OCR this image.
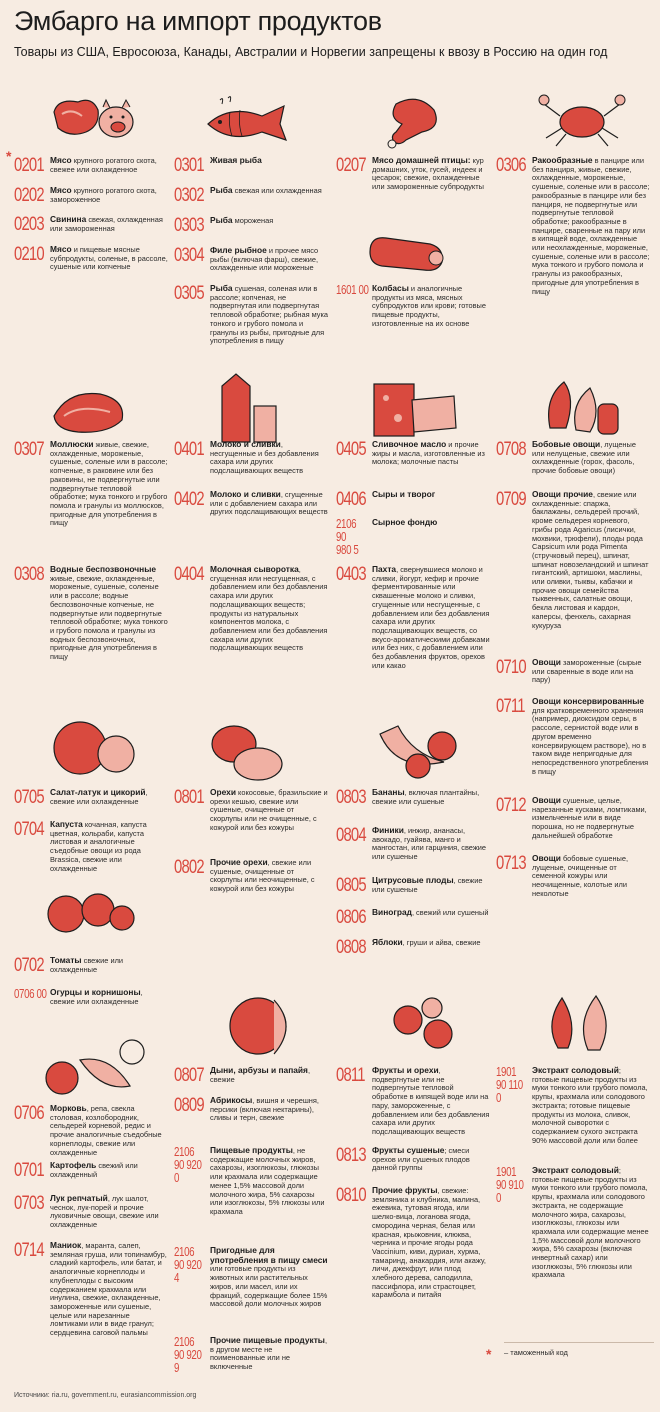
Эмбарго на импорт продуктов
Товары из США, Евросоюза, Канады, Австралии и Норвегии запрещены к ввозу в Россию на один год
* 0201 Мясо крупного рогатого скота, свежее или охлажденное
0202 Мясо крупного рогатого скота, замороженное
0203 Свинина свежая, охлажденная или замороженная
0210 Мясо и пищевые мясные субпродукты, соленые, в рассоле, сушеные или копченые
0307 Моллюски живые, свежие, охлажденные, мороженые, сушеные, соленые или в рассоле; копченые, в раковине или без раковины, не подвергнутые или подвергнутые тепловой обработке; мука тонкого и грубого помола и гранулы из моллюсков, пригодные для употребления в пищу
0308 Водные беспозвоночные живые, свежие, охлажденные, мороженые, сушеные, соленые или в рассоле; водные беспозвоночные копченые, не подвергнутые или подвергнутые тепловой обработке; мука тонкого и грубого помола и гранулы из водных беспозвоночных, пригодные для употребления в пищу
0705 Салат-латук и цикорий, свежие или охлажденные
0704 Капуста кочанная, капуста цветная, кольраби, капуста листовая и аналогичные съедобные овощи из рода Brassica, свежие или охлажденные
0702 Томаты свежие или охлажденные
0706 00 Огурцы и корнишоны, свежие или охлажденные
0706 Морковь, репа, свекла столовая, козлобородник, сельдерей корневой, редис и прочие аналогичные съедобные корнеплоды, свежие или охлажденные
0701 Картофель свежий или охлажденный
0703 Лук репчатый, лук шалот, чеснок, лук-порей и прочие луковичные овощи, свежие или охлажденные
0714 Маниок, маранта, салеп, земляная груша, или топинамбур, сладкий картофель, или батат, и аналогичные корнеплоды и клубнеплоды с высоким содержанием крахмала или инулина, свежие, охлажденные, замороженные или сушеные, целые или нарезанные ломтиками или в виде гранул; сердцевина саговой пальмы
0301 Живая рыба
0302 Рыба свежая или охлажденная
0303 Рыба мороженая
0304 Филе рыбное и прочее мясо рыбы (включая фарш), свежие, охлажденные или мороженые
0305 Рыба сушеная, соленая или в рассоле; копченая, не подвергнутая или подвергнутая тепловой обработке; рыбная мука тонкого и грубого помола и гранулы из рыбы, пригодные для употребления в пищу
0401 Молоко и сливки, несгущенные и без добавления сахара или других подслащивающих веществ
0402 Молоко и сливки, сгущенные или с добавлением сахара или других подслащивающих веществ
0404 Молочная сыворотка, сгущенная или несгущенная, с добавлением или без добавления сахара или других подслащивающих веществ; продукты из натуральных компонентов молока, с добавлением или без добавления сахара или других подслащивающих веществ
0801 Орехи кокосовые, бразильские и орехи кешью, свежие или сушеные, очищенные от скорлупы или не очищенные, с кожурой или без кожуры
0802 Прочие орехи, свежие или сушеные, очищенные от скорлупы или неочищенные, с кожурой или без кожуры
0807 Дыни, арбузы и папайя, свежие
0809 Абрикосы, вишня и черешня, персики (включая нектарины), сливы и терн, свежие
2106 90 920 0
Пищевые продукты, не содержащие молочных жиров, сахарозы, изоглюкозы, глюкозы или крахмала или содержащие менее 1,5% массовой доли молочного жира, 5% сахарозы или изоглюкозы, 5% глюкозы или крахмала
2106 90 920 4
Пригодные для употребления в пищу смеси или готовые продукты из животных или растительных жиров, или масел, или их фракций, содержащие более 15% массовой доли молочных жиров
2106 90 920 9
Прочие пищевые продукты, в другом месте не поименованные или не включенные
0207 Мясо домашней птицы: кур домашних, уток, гусей, индеек и цесарок; свежие, охлажденные или замороженные субпродукты
1601 00 Колбасы и аналогичные продукты из мяса, мясных субпродуктов или крови; готовые пищевые продукты, изготовленные на их основе
0405 Сливочное масло и прочие жиры и масла, изготовленные из молока; молочные пасты
0406 Сыры и творог
2106 90 980 5
Сырное фондю
0403 Пахта, свернувшиеся молоко и сливки, йогурт, кефир и прочие ферментированные или сквашенные молоко и сливки, сгущенные или несгущенные, с добавлением или без добавления сахара или других подслащивающих веществ, со вкусо-ароматическими добавками или без них, с добавлением или без добавления фруктов, орехов или какао
0803 Бананы, включая плантайны, свежие или сушеные
0804 Финики, инжир, ананасы, авокадо, гуайява, манго и мангостан, или гарциния, свежие или сушеные
0805 Цитрусовые плоды, свежие или сушеные
0806 Виноград, свежий или сушеный
0808 Яблоки, груши и айва, свежие
0811 Фрукты и орехи, подвергнутые или не подвергнутые тепловой обработке в кипящей воде или на пару, замороженные, с добавлением или без добавления сахара или других подслащивающих веществ
0813 Фрукты сушеные; смеси орехов или сушеных плодов данной группы
0810 Прочие фрукты, свежие: земляника и клубника, малина, ежевика, тутовая ягода, или шелко-вица, логанова ягода, смородина черная, белая или красная, крыжовник, клюква, черника и прочие ягоды рода Vaccinium, киви, дуриан, хурма, тамаринд, анакардия, или акажу, личи, джекфрут, или плод хлебного дерева, саподилла, пассифлора, или страстоцвет, карамбола и питайя
0306 Ракообразные в панцире или без панциря, живые, свежие, охлажденные, мороженые, сушеные, соленые или в рассоле; ракообразные в панцире или без панциря, не подвергнутые или подвергнутые тепловой обработке; ракообразные в панцире, сваренные на пару или в кипящей воде, охлажденные или неохлажденные, мороженые, сушеные, соленые или в рассоле; мука тонкого и грубого помола и гранулы из ракообразных, пригодные для употребления в пищу
0708 Бобовые овощи, лущеные или нелущеные, свежие или охлажденные (горох, фасоль, прочие бобовые овощи)
0709 Овощи прочие, свежие или охлажденные: спаржа, баклажаны, сельдерей прочий, кроме сельдерея корневого, грибы рода Agaricus (лисички, мохвики, трюфели), плоды рода Capsicum или рода Pimenta (стручковый перец), шпинат, шпинат новозеландский и шпинат гигантский, артишоки, маслины, или оливки, тыквы, кабачки и прочие овощи семейства тыквенных, салатные овощи, бекла листовая и кардон, каперсы, фенхель, сахарная кукуруза
0710 Овощи замороженные (сырые или сваренные в воде или на пару)
0711 Овощи консервированные для кратковременного хранения (например, диоксидом серы, в рассоле, сернистой воде или в другом временно консервирующем растворе), но в таком виде непригодные для непосредственного употребления в пищу
0712 Овощи сушеные, целые, нарезанные кусками, ломтиками, измельченные или в виде порошка, но не подвергнутые дальнейшей обработке
0713 Овощи бобовые сушеные, лущеные, очищенные от семенной кожуры или неочищенные, колотые или неколотые
1901 90 110 0
Экстракт солодовый; готовые пищевые продукты из муки тонкого или грубого помола, крупы, крахмала или солодового экстракта; готовые пищевые продукты из молока, сливок, молочной сыворотки с содержанием сухого экстракта 90% массовой доли или более
1901 90 910 0
Экстракт солодовый; готовые пищевые продукты из муки тонкого или грубого помола, крупы, крахмала или солодового экстракта, не содержащие молочного жира, сахарозы, изоглюкозы, глюкозы или крахмала или содержащие менее 1,5% массовой доли молочного жира, 5% сахарозы (включая инвертный сахар) или изоглюкозы, 5% глюкозы или крахмала
* – таможенный код
Источники: ria.ru, government.ru, eurasiancommission.org
